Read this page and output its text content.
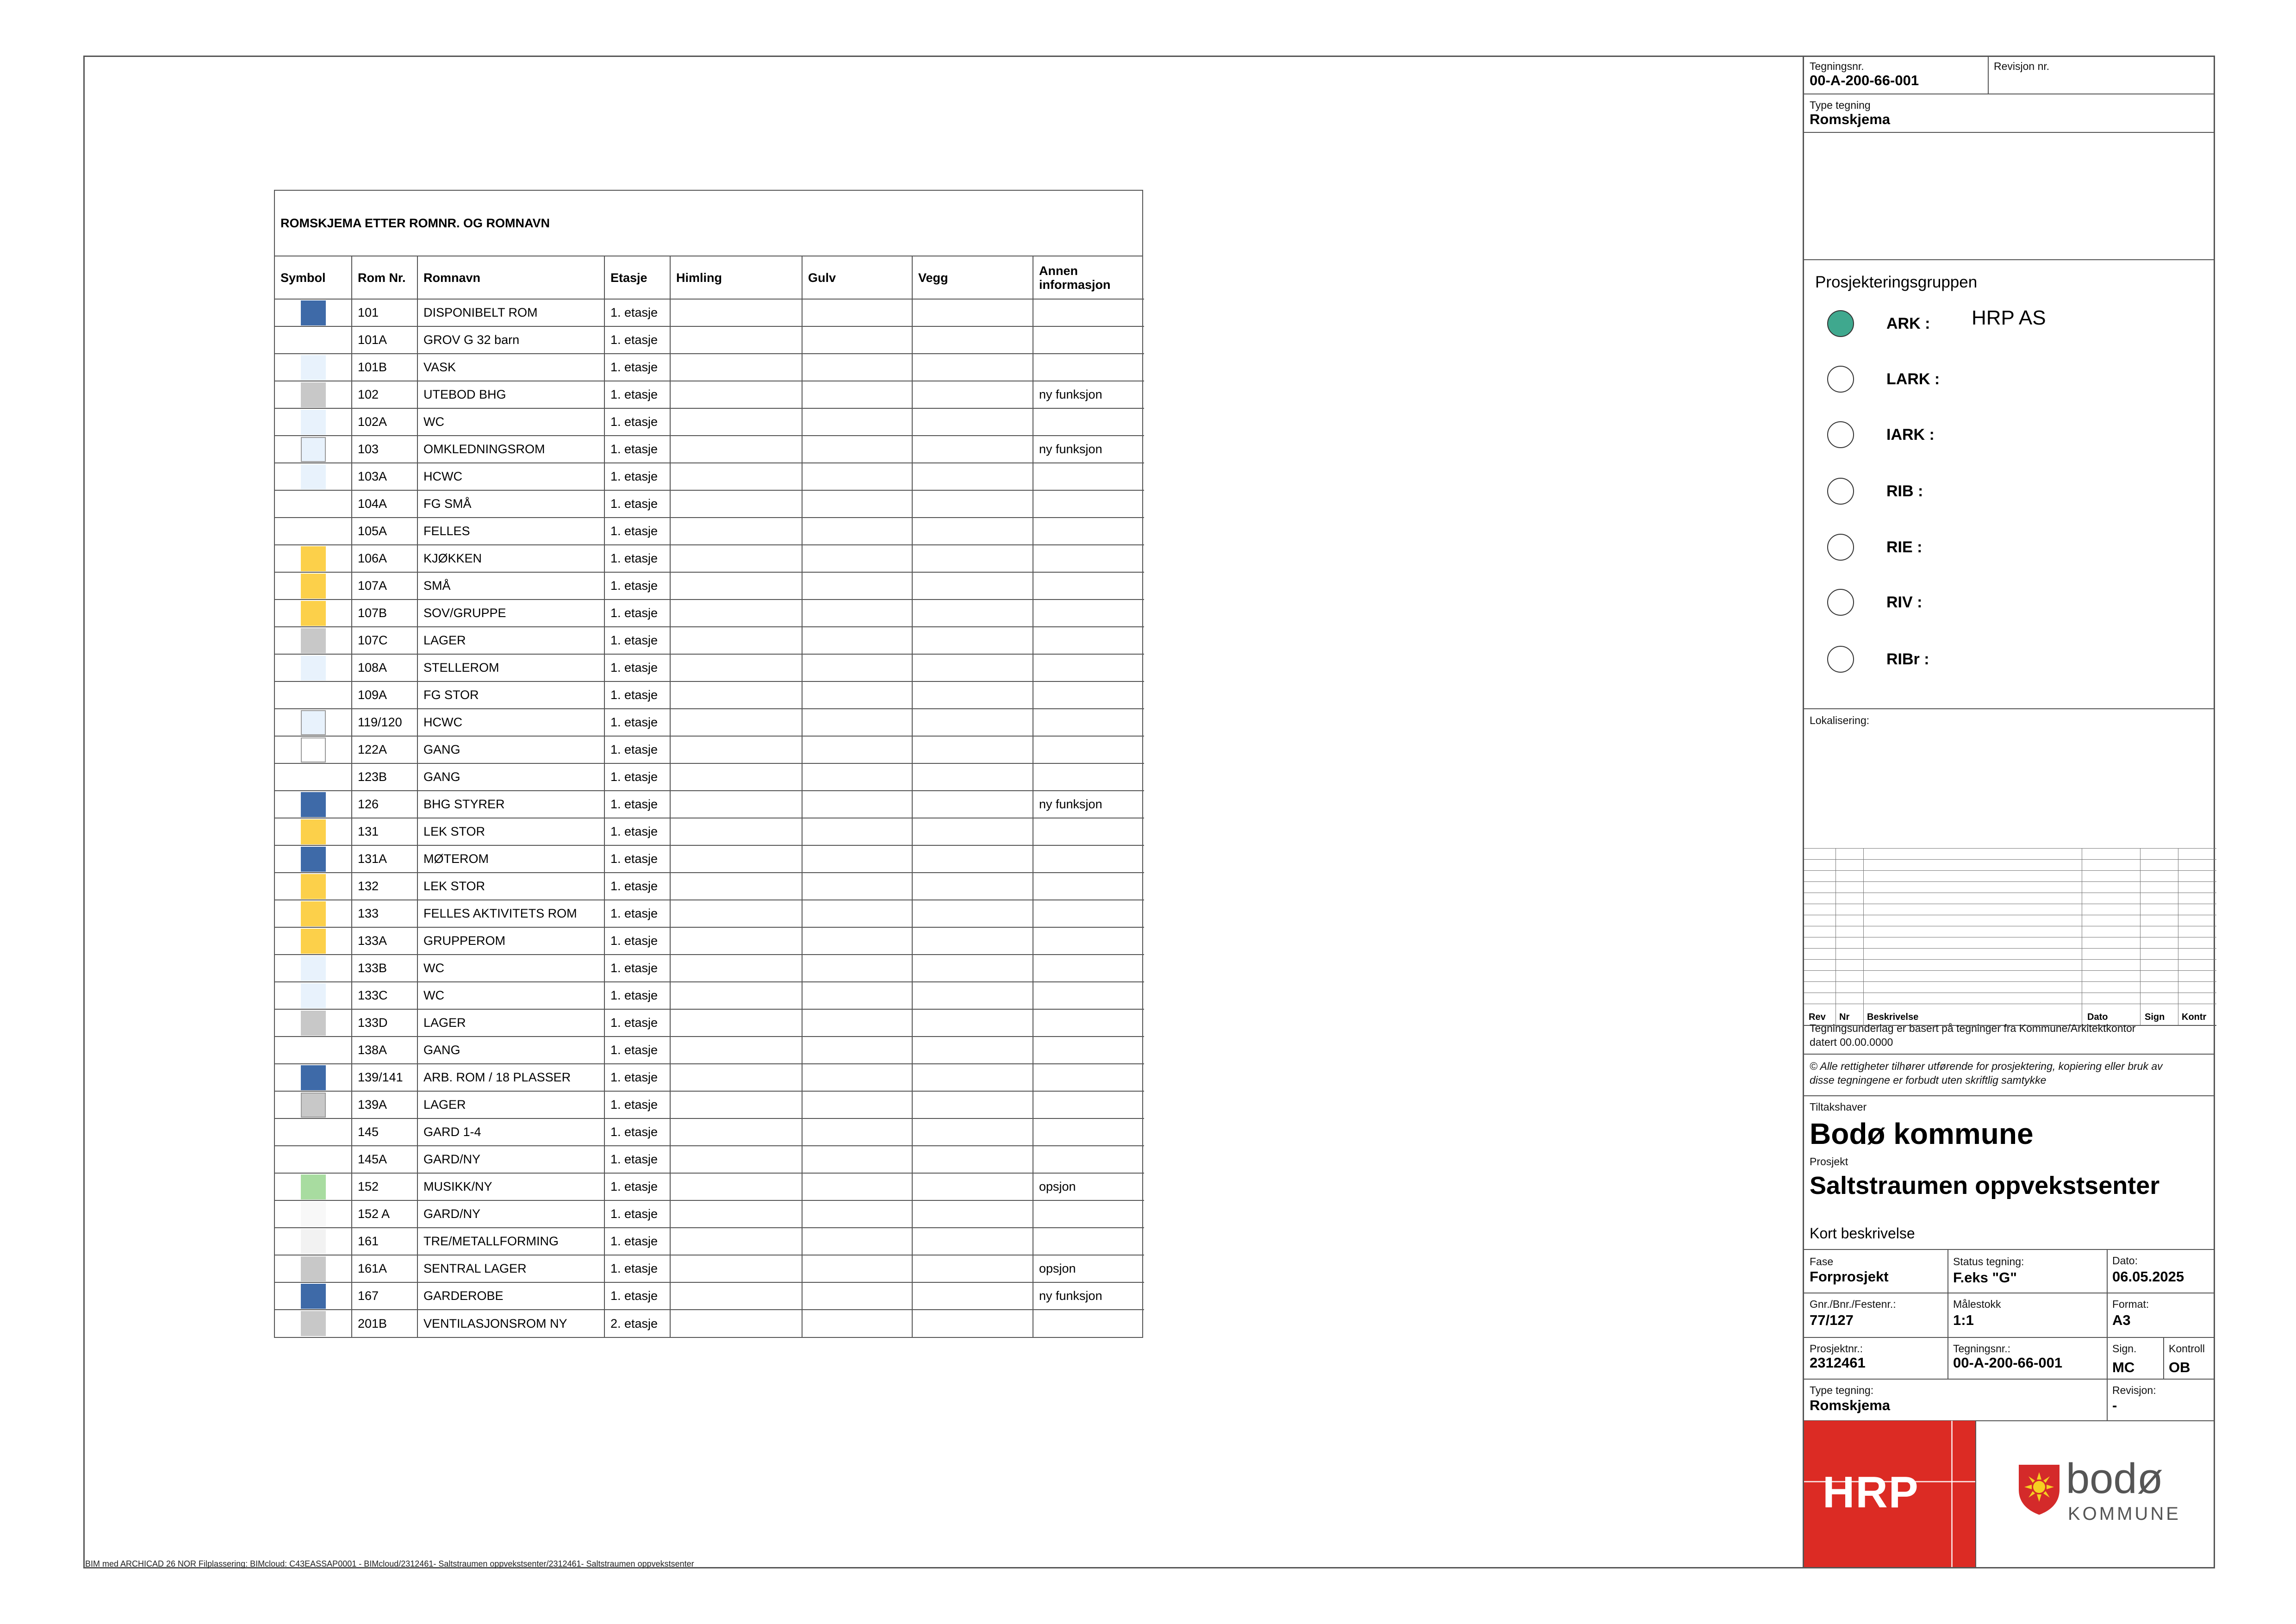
BIM med ARCHICAD 26 NOR Filplassering: BIMcloud: C43EASSAP0001 - BIMcloud/2312461- Saltstraumen oppvekstsenter/2312461- Saltstraumen oppvekstsenter
ROMSKJEMA ETTER ROMNR. OG ROMNAVN
Symbol	Rom Nr.	Romnavn	Etasje	Himling	Gulv	Vegg	Annen
informasjon

	101	DISPONIBELT ROM	1. etasje				

	101A	GROV G 32 barn	1. etasje				

	101B	VASK	1. etasje				

	102	UTEBOD BHG	1. etasje				ny funksjon

	102A	WC	1. etasje				

	103	OMKLEDNINGSROM	1. etasje				ny funksjon

	103A	HCWC	1. etasje				

	104A	FG SMÅ	1. etasje				

	105A	FELLES	1. etasje				

	106A	KJØKKEN	1. etasje				

	107A	SMÅ	1. etasje				

	107B	SOV/GRUPPE	1. etasje				

	107C	LAGER	1. etasje				

	108A	STELLEROM	1. etasje				

	109A	FG STOR	1. etasje				

	119/120	HCWC	1. etasje				

	122A	GANG	1. etasje				

	123B	GANG	1. etasje				

	126	BHG STYRER	1. etasje				ny funksjon

	131	LEK STOR	1. etasje				

	131A	MØTEROM	1. etasje				

	132	LEK STOR	1. etasje				

	133	FELLES AKTIVITETS ROM	1. etasje				

	133A	GRUPPEROM	1. etasje				

	133B	WC	1. etasje				

	133C	WC	1. etasje				

	133D	LAGER	1. etasje				

	138A	GANG	1. etasje				

	139/141	ARB. ROM / 18 PLASSER	1. etasje				

	139A	LAGER	1. etasje				

	145	GARD 1-4	1. etasje				

	145A	GARD/NY	1. etasje				

	152	MUSIKK/NY	1. etasje				opsjon

	152 A	GARD/NY	1. etasje				

	161	TRE/METALLFORMING	1. etasje				

	161A	SENTRAL LAGER	1. etasje				opsjon

	167	GARDEROBE	1. etasje				ny funksjon

	201B	VENTILASJONSROM NY	2. etasje				
Tegningsnr.
00-A-200-66-001
Revisjon nr.
Type tegning
Romskjema
Prosjekteringsgruppen
ARK : HRP AS
LARK :
IARK :
RIB :
RIE :
RIV :
RIBr :
Lokalisering:
Rev Nr Beskrivelse	Dato	Sign Kontr
Tegningsunderlag er basert på tegninger fra Kommune/Arkitektkontor
datert 00.00.0000
© Alle rettigheter tilhører utførende for prosjektering, kopiering eller bruk av
disse tegningene er forbudt uten skriftlig samtykke
Tiltakshaver
Bodø kommune
Prosjekt
Saltstraumen oppvekstsenter
Kort beskrivelse
Fase
Forprosjekt
Status tegning:
F.eks "G"
Dato:
06.05.2025
Gnr./Bnr./Festenr.:
77/127
Målestokk
1:1
Format:
A3
Prosjektnr.:
2312461
Tegningsnr.:
00-A-200-66-001
Sign.
MC
Kontroll
OB
Type tegning:
Romskjema
Revisjon:
-
HRP	bodø
KOMMUNE
